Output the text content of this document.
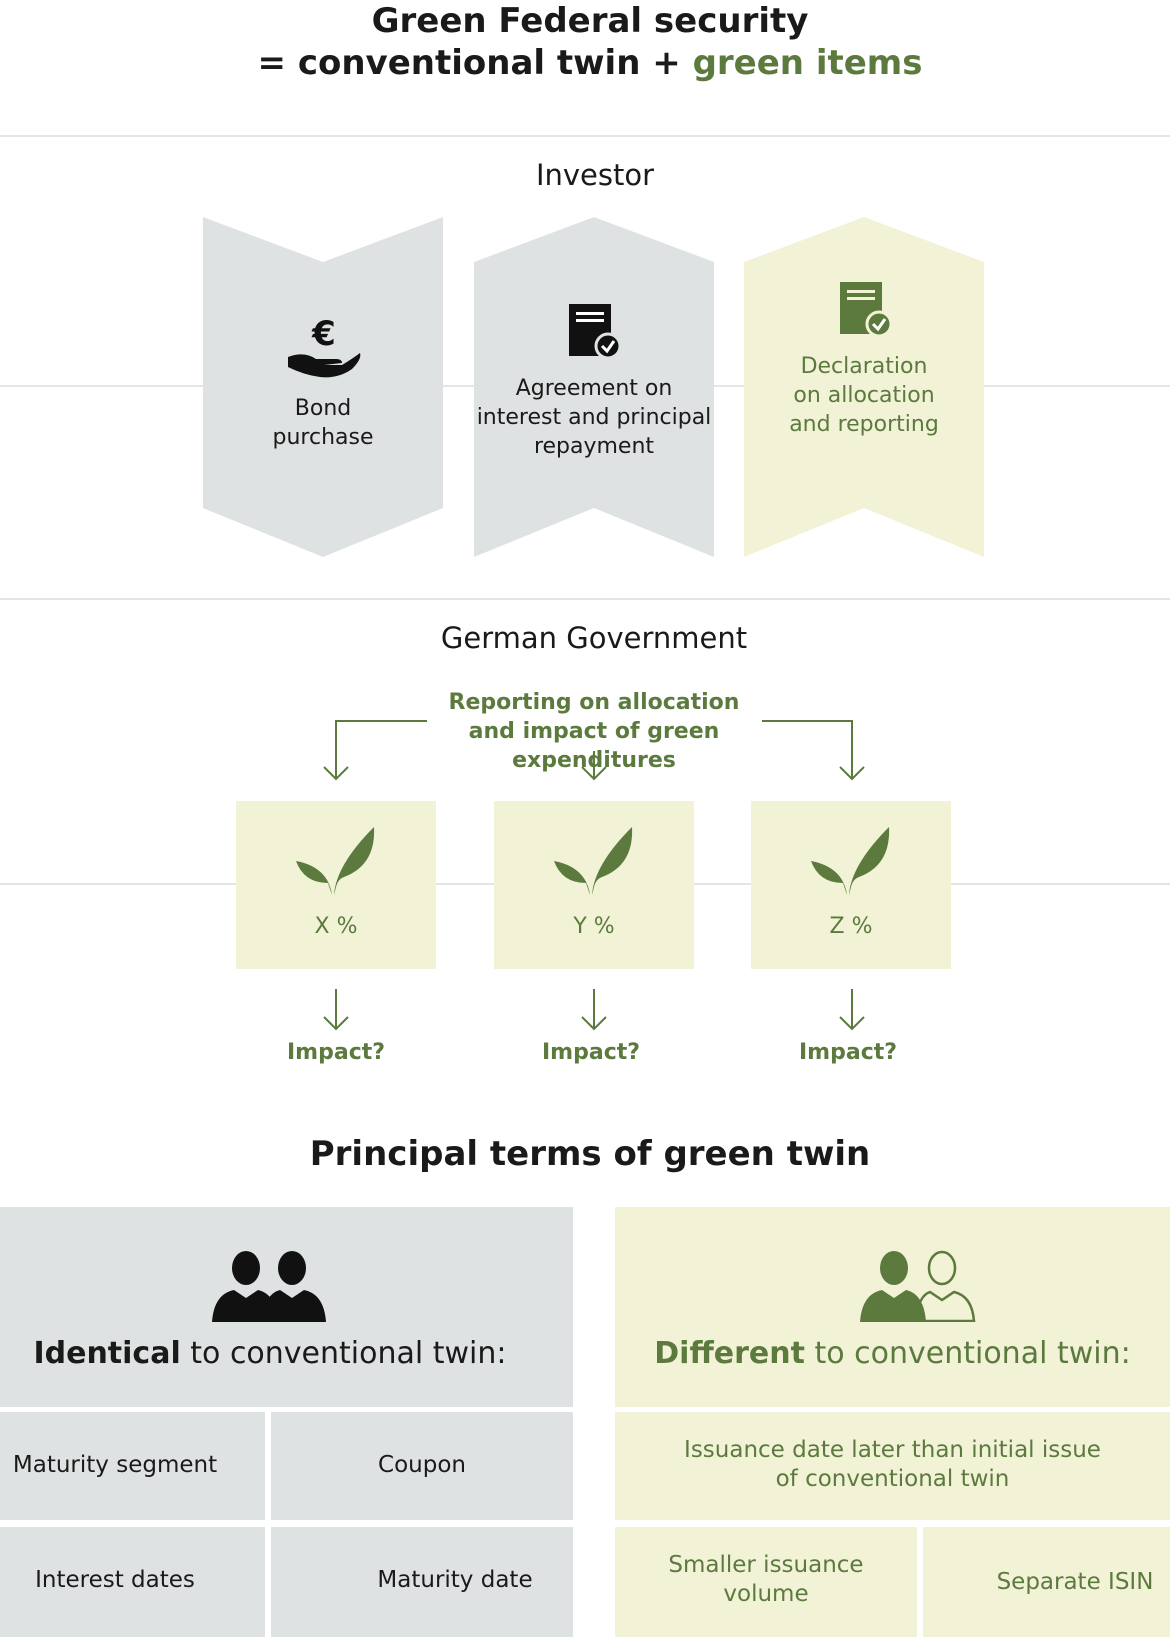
Green Federal security
= conventional twin + green items
Investor
€
Bond
purchase
Agreement on
interest and principal
repayment
Declaration
on allocation
and reporting
German Government
Reporting on allocation
and impact of green expenditures
X %	Y %	Z %
Impact?	Impact?	Impact?
Principal terms of green twin
Identical to conventional twin:
Maturity segment	Coupon
Interest dates	Maturity date
Different to conventional twin:
Issuance date later than initial issue
of conventional twin
Smaller issuance
volume	Separate ISIN
